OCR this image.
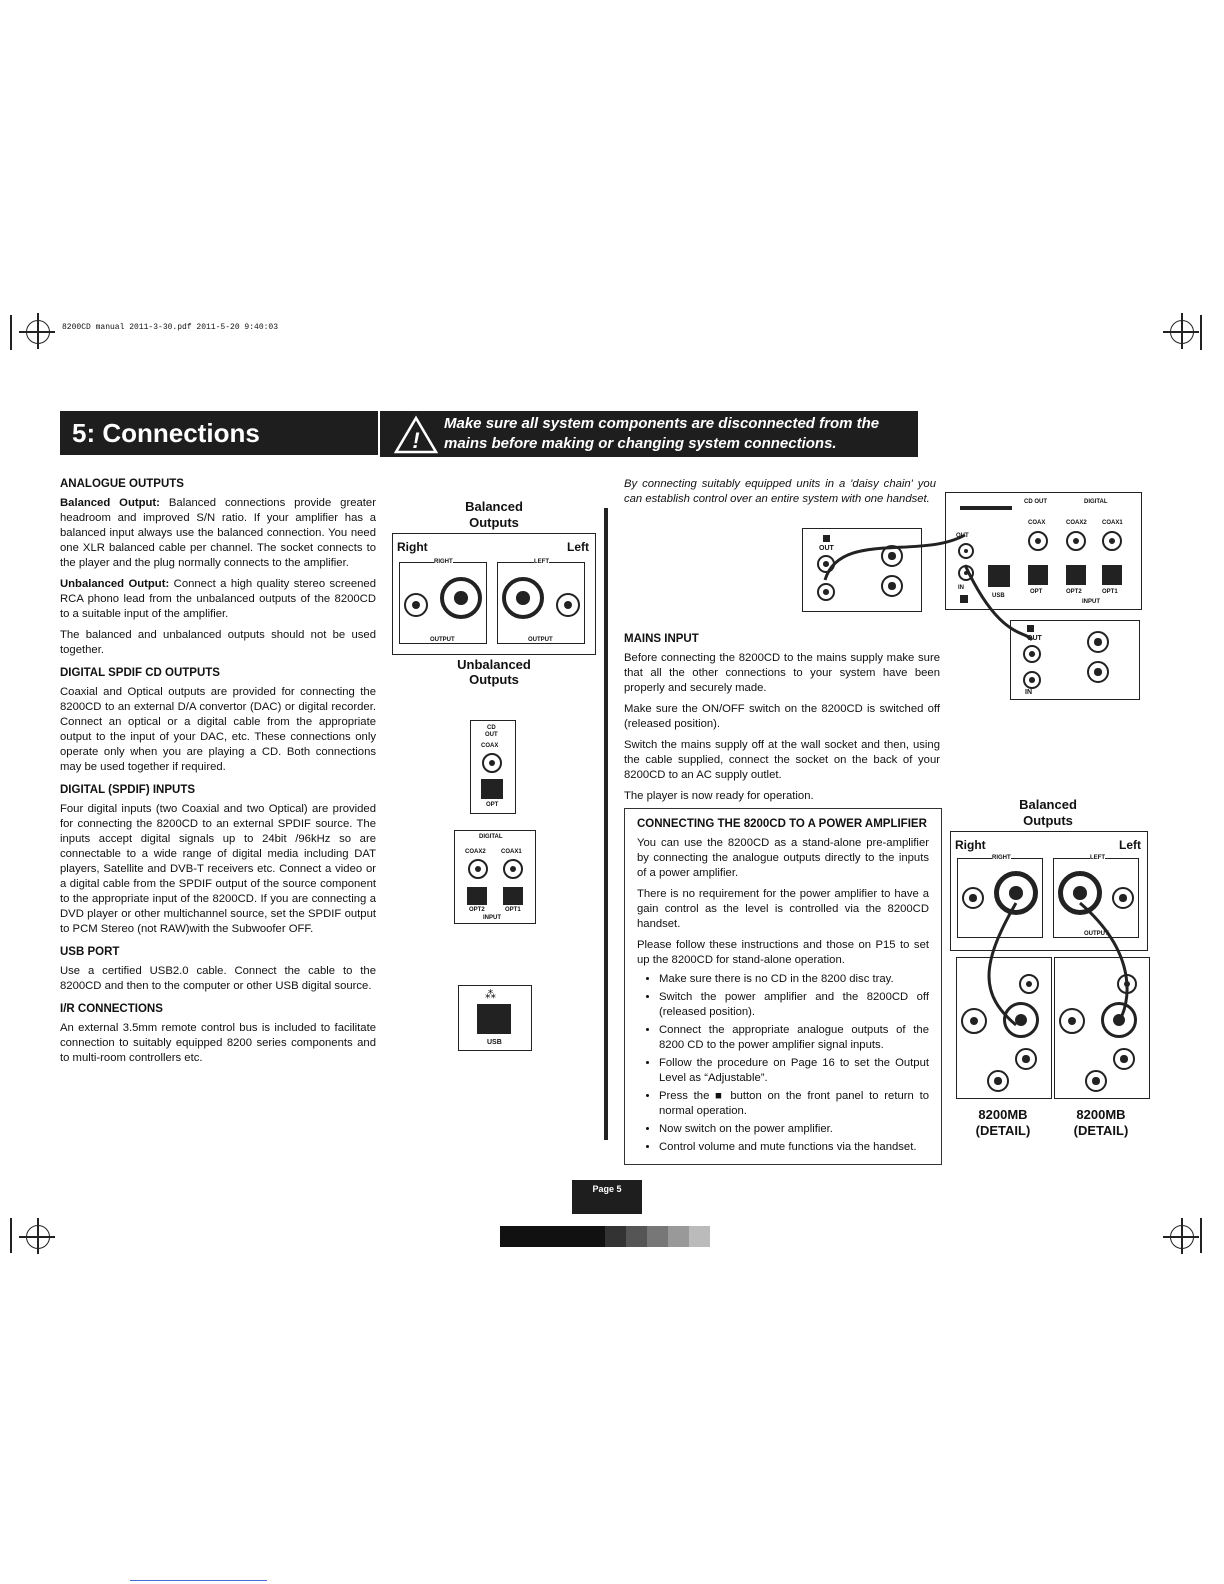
8200CD manual 2011-3-30.pdf 2011-5-20 9:40:03
5: Connections	!
Make sure all system components are disconnected from the mains before making or changing system connections.
ANALOGUE OUTPUTS

Balanced Output: Balanced connections provide greater headroom and improved S/N ratio. If your amplifier has a balanced input always use the balanced connection. You need one XLR balanced cable per channel. The socket connects to the player and the plug normally connects to the amplifier.

Unbalanced Output: Connect a high quality stereo screened RCA phono lead from the unbalanced outputs of the 8200CD to a suitable input of the amplifier.

The balanced and unbalanced outputs should not be used together.

DIGITAL SPDIF CD OUTPUTS

Coaxial and Optical outputs are provided for connecting the 8200CD to an external D/A convertor (DAC) or digital recorder. Connect an optical or a digital cable from the appropriate output to the input of your DAC, etc. These connections only operate only when you are playing a CD. Both connections may be used together if required.

DIGITAL (SPDIF) INPUTS

Four digital inputs (two Coaxial and two Optical) are provided for connecting the 8200CD to an external SPDIF source. The inputs accept digital signals up to 24bit /96kHz so are connectable to a wide range of digital media including DAT players, Satellite and DVB-T receivers etc. Connect a video or a digital cable from the SPDIF output of the source component to the appropriate input of the 8200CD. If you are connecting a DVD player or other multichannel source, set the SPDIF output to PCM Stereo (not RAW)with the Subwoofer OFF.

USB PORT

Use a certified USB2.0 cable. Connect the cable to the 8200CD and then to the computer or other USB digital source.

I/R CONNECTIONS

An external 3.5mm remote control bus is included to facilitate connection to suitably equipped 8200 series components and to multi-room controllers etc.

Balanced
Outputs
Right	Left
RIGHT
OUTPUT
LEFT
OUTPUT
Unbalanced
Outputs
CD
OUT
COAX
OPT
DIGITAL
COAX2	COAX1
OPT2	OPT1
INPUT
⁂
USB

By connecting suitably equipped units in a 'daisy chain' you can establish control over an entire system with one handset.

MAINS INPUT

Before connecting the 8200CD to the mains supply make sure that all the other connections to your system have been properly and securely made.

Make sure the ON/OFF switch on the 8200CD is switched off (released position).

Switch the mains supply off at the wall socket and then, using the cable supplied, connect the socket on the back of your 8200CD to an AC supply outlet.

The player is now ready for operation.

CONNECTING THE 8200CD TO A POWER AMPLIFIER

You can use the 8200CD as a stand-alone pre-amplifier by connecting the analogue outputs directly to the inputs of a power amplifier.

There is no requirement for the power amplifier to have a gain control as the level is controlled via the 8200CD handset.

Please follow these instructions and those on P15 to set up the 8200CD for stand-alone operation.

• Make sure there is no CD in the 8200 disc tray.
• Switch the power amplifier and the 8200CD off (released position).
• Connect the appropriate analogue outputs of the 8200 CD to the power amplifier signal inputs.
• Follow the procedure on Page 16 to set the Output Level as “Adjustable”.
• Press the ■ button on the front panel to return to normal operation.
• Now switch on the power amplifier.
• Control volume and mute functions via the handset.
OUT
CD OUT	DIGITAL
COAX	COAX2	COAX1
OUT
IN
USB
OPT	OPT2	OPT1
INPUT
OUT
IN
Balanced
Outputs
Right	Left
RIGHT	LEFT
OUTPUT
8200MB
(DETAIL)
8200MB
(DETAIL)
Page 5
